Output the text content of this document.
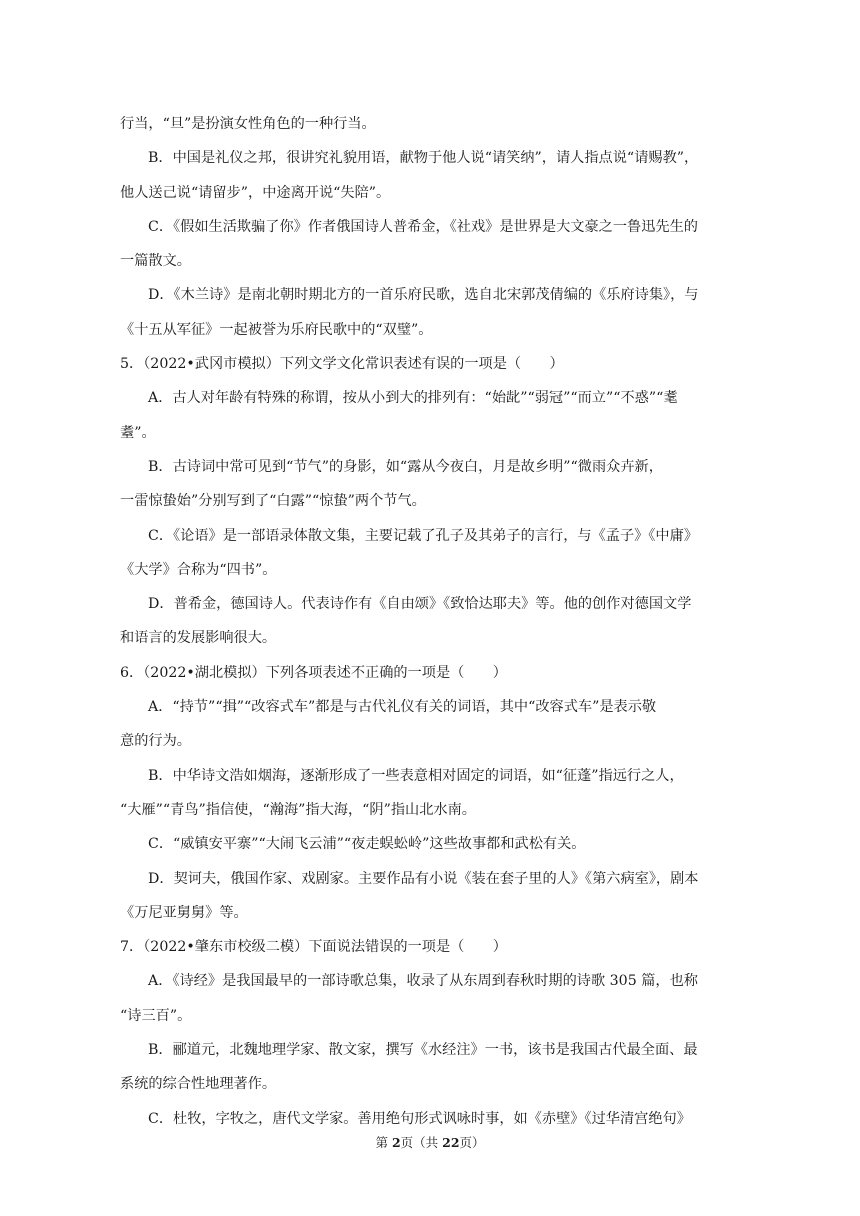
行当，“旦”是扮演女性角色的一种行当。
B．中国是礼仪之邦，很讲究礼貌用语，献物于他人说“请笑纳”，请人指点说“请赐教”，
他人送己说“请留步”，中途离开说“失陪”。
C．《假如生活欺骗了你》作者俄国诗人普希金，《社戏》是世界是大文豪之一鲁迅先生的
一篇散文。
D．《木兰诗》是南北朝时期北方的一首乐府民歌，选自北宋郭茂倩编的《乐府诗集》，与
《十五从军征》一起被誉为乐府民歌中的“双璧”。
5．（2022•武冈市模拟）下列文学文化常识表述有误的一项是（　　）
A．古人对年龄有特殊的称谓，按从小到大的排列有：“始龀”“弱冠”“而立”“不惑”“耄
耋”。
B．古诗词中常可见到“节气”的身影，如“露从今夜白，月是故乡明”“微雨众卉新，
一雷惊蛰始”分别写到了“白露”“惊蛰”两个节气。
C．《论语》是一部语录体散文集，主要记载了孔子及其弟子的言行，与《孟子》《中庸》
《大学》合称为“四书”。
D．普希金，德国诗人。代表诗作有《自由颂》《致恰达耶夫》等。他的创作对德国文学
和语言的发展影响很大。
6．（2022•湖北模拟）下列各项表述不正确的一项是（　　）
A．“持节”“揖”“改容式车”都是与古代礼仪有关的词语，其中“改容式车”是表示敬
意的行为。
B．中华诗文浩如烟海，逐渐形成了一些表意相对固定的词语，如“征蓬”指远行之人，
“大雁”“青鸟”指信使，“瀚海”指大海，“阴”指山北水南。
C．“威镇安平寨”“大闹飞云浦”“夜走蜈蚣岭”这些故事都和武松有关。
D．契诃夫，俄国作家、戏剧家。主要作品有小说《装在套子里的人》《第六病室》，剧本
《万尼亚舅舅》等。
7．（2022•肇东市校级二模）下面说法错误的一项是（　　）
A．《诗经》是我国最早的一部诗歌总集，收录了从东周到春秋时期的诗歌 305 篇，也称
“诗三百”。
B．郦道元，北魏地理学家、散文家，撰写《水经注》一书，该书是我国古代最全面、最
系统的综合性地理著作。
C．杜牧，字牧之，唐代文学家。善用绝句形式讽咏时事，如《赤壁》《过华清宫绝句》
第 2页（共 22页）
